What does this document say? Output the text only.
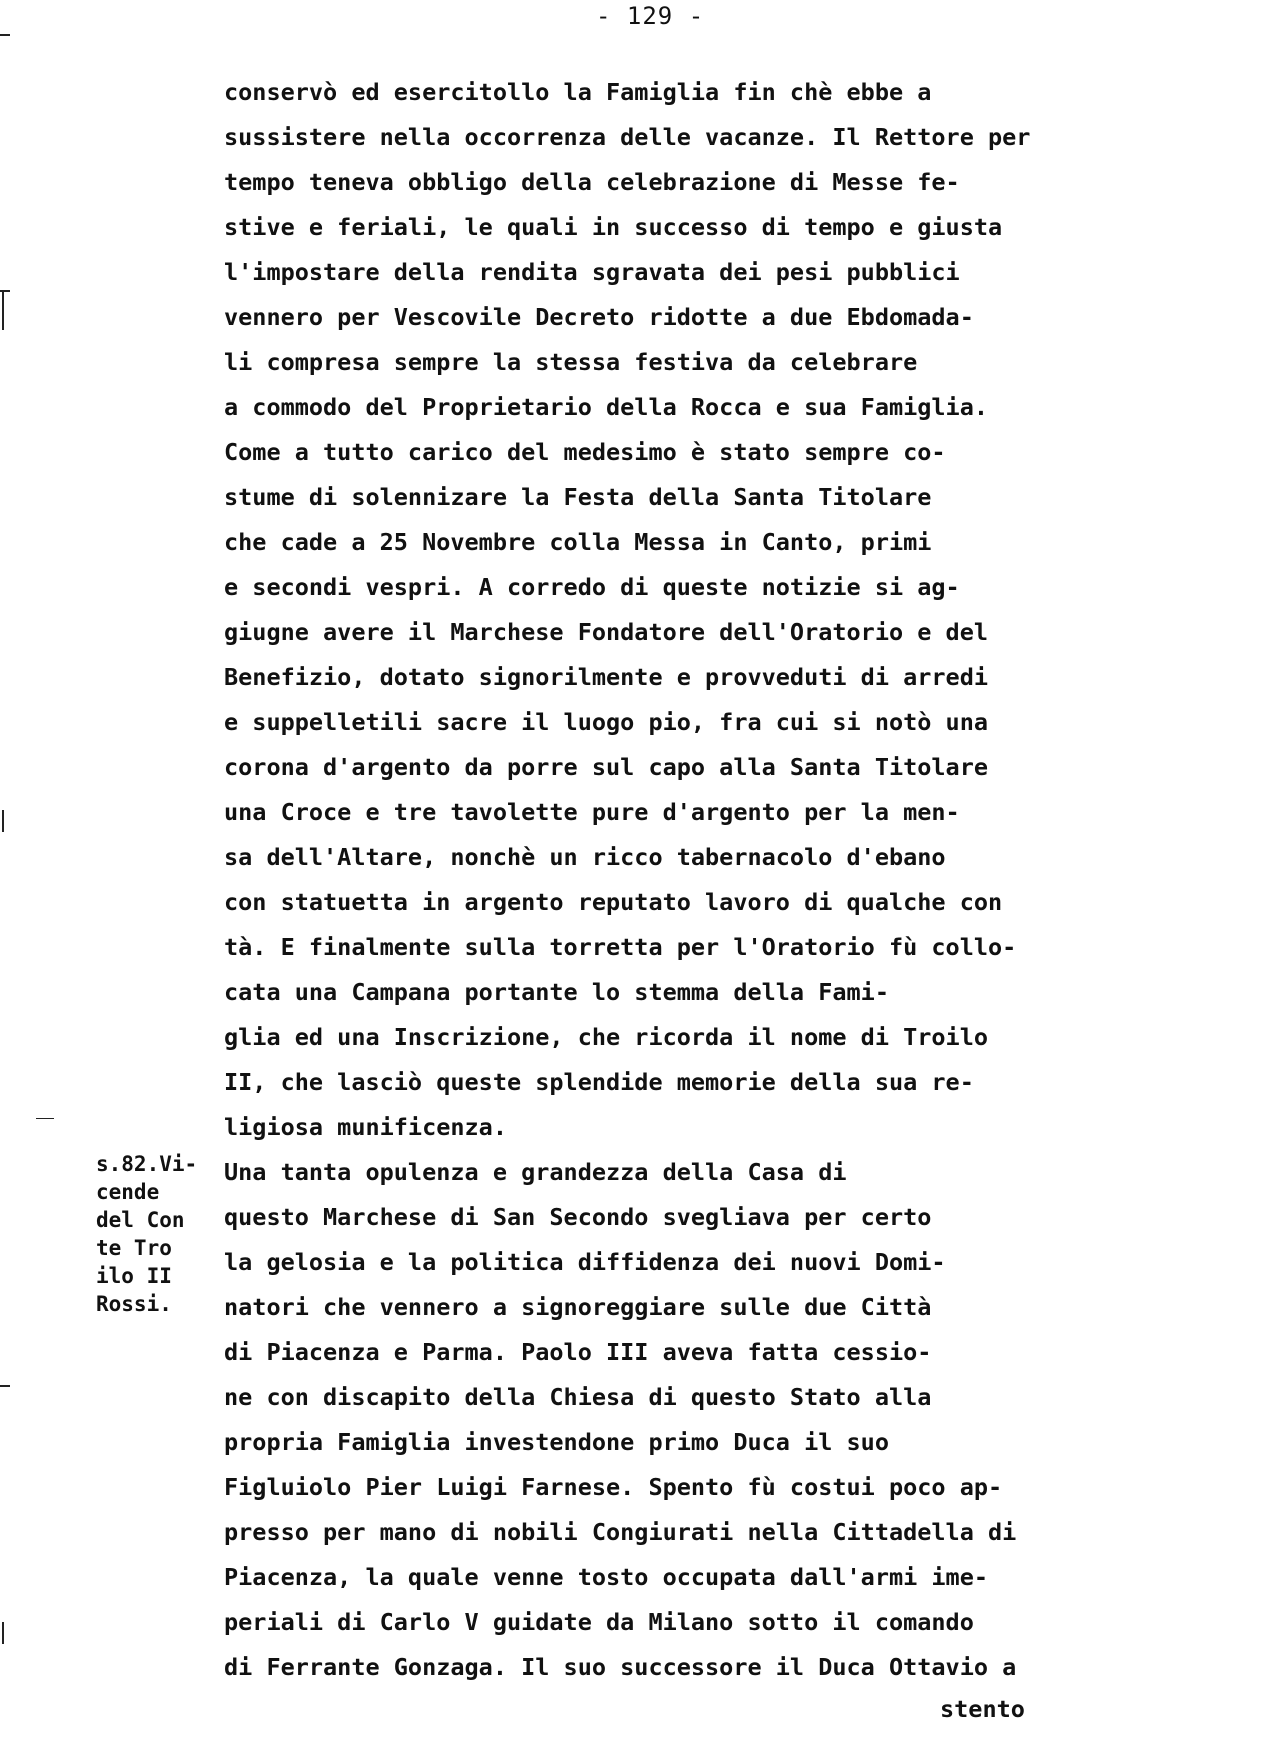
- 129 -
conservò ed esercitollo la Famiglia fin chè ebbe a
sussistere nella occorrenza delle vacanze. Il Rettore per
tempo teneva obbligo della celebrazione di Messe fe-
stive e feriali, le quali in successo di tempo e giusta
l'impostare della rendita sgravata dei pesi pubblici
vennero per Vescovile Decreto ridotte a due Ebdomada-
li compresa sempre la stessa festiva da celebrare
a commodo del Proprietario della Rocca e sua Famiglia.
Come a tutto carico del medesimo è stato sempre co-
stume di solennizare la Festa della Santa Titolare
che cade a 25 Novembre colla Messa in Canto, primi
e secondi vespri. A corredo di queste notizie si ag-
giugne avere il Marchese Fondatore dell'Oratorio e del
Benefizio, dotato signorilmente e provveduti di arredi
e suppelletili sacre il luogo pio, fra cui si notò una
corona d'argento da porre sul capo alla Santa Titolare
una Croce e tre tavolette pure d'argento per la men-
sa dell'Altare, nonchè un ricco tabernacolo d'ebano
con statuetta in argento reputato lavoro di qualche con
tà. E finalmente sulla torretta per l'Oratorio fù collo-
cata una Campana portante lo stemma della Fami-
glia ed una Inscrizione, che ricorda il nome di Troilo
II, che lasciò queste splendide memorie della sua re-
ligiosa munificenza.
Una tanta opulenza e grandezza della Casa di
questo Marchese di San Secondo svegliava per certo
la gelosia e la politica diffidenza dei nuovi Domi-
natori che vennero a signoreggiare sulle due Città
di Piacenza e Parma. Paolo III aveva fatta cessio-
ne con discapito della Chiesa di questo Stato alla
propria Famiglia investendone primo Duca il suo
Figluiolo Pier Luigi Farnese. Spento fù costui poco ap-
presso per mano di nobili Congiurati nella Cittadella di
Piacenza, la quale venne tosto occupata dall'armi ime-
periali di Carlo V guidate da Milano sotto il comando
di Ferrante Gonzaga. Il suo successore il Duca Ottavio a
s.82.Vi-
cende
del Con
te Tro
ilo II
Rossi.
stento
